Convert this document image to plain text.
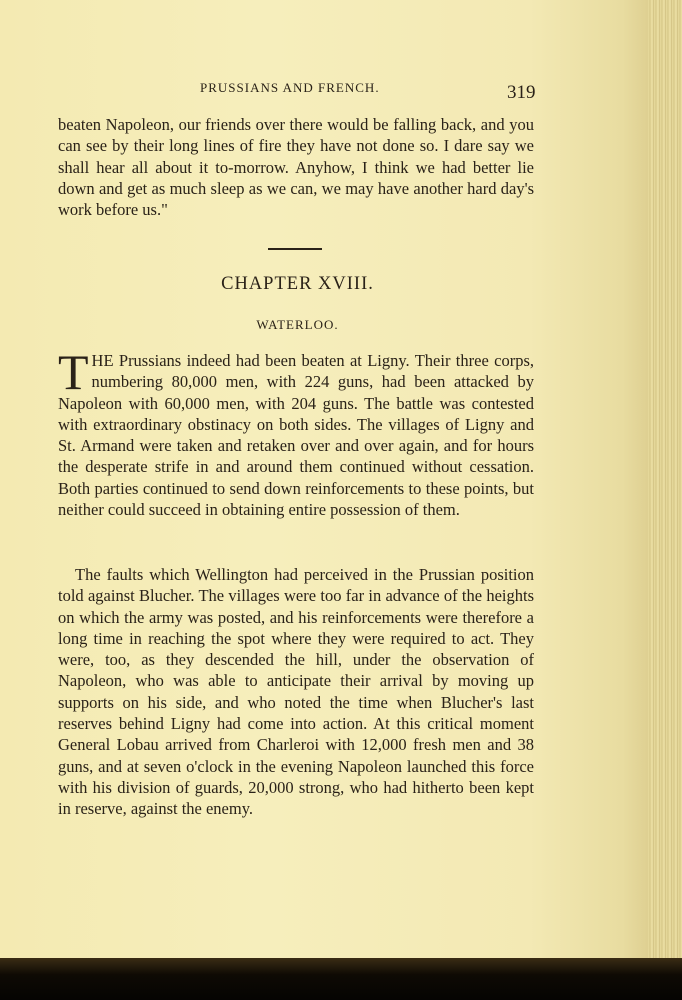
PRUSSIANS AND FRENCH.	319

beaten Napoleon, our friends over there would be falling back, and you can see by their long lines of fire they have not done so. I dare say we shall hear all about it to-morrow. Anyhow, I think we had better lie down and get as much sleep as we can, we may have another hard day's work before us."

CHAPTER XVIII.
WATERLOO.

THE Prussians indeed had been beaten at Ligny. Their three corps, numbering 80,000 men, with 224 guns, had been attacked by Napoleon with 60,000 men, with 204 guns. The battle was contested with extraordinary obstinacy on both sides. The villages of Ligny and St. Armand were taken and retaken over and over again, and for hours the desperate strife in and around them continued without cessation. Both parties continued to send down reinforcements to these points, but neither could succeed in obtaining entire possession of them.

The faults which Wellington had perceived in the Prussian position told against Blucher. The villages were too far in advance of the heights on which the army was posted, and his reinforcements were therefore a long time in reaching the spot where they were required to act. They were, too, as they descended the hill, under the observation of Napoleon, who was able to anticipate their arrival by moving up supports on his side, and who noted the time when Blucher's last reserves behind Ligny had come into action. At this critical moment General Lobau arrived from Charleroi with 12,000 fresh men and 38 guns, and at seven o'clock in the evening Napoleon launched this force with his division of guards, 20,000 strong, who had hitherto been kept in reserve, against the enemy.
